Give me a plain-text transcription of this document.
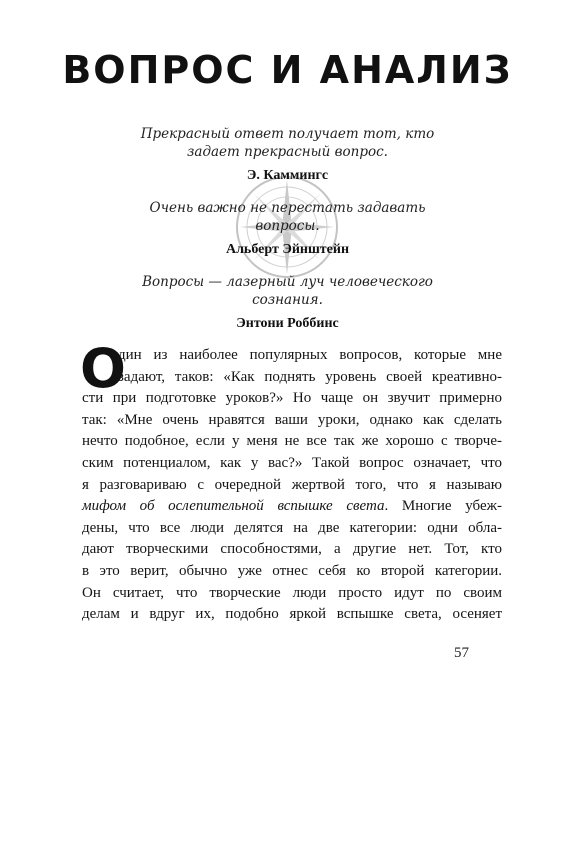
ВОПРОС И АНАЛИЗ
Прекрасный ответ получает тот, кто задает прекрасный вопрос.
Э. Каммингс
Очень важно не перестать задавать вопросы.
Альберт Эйнштейн
Вопросы — лазерный луч человеческого сознания.
Энтони Роббинс
О
дин из наиболее популярных вопросов, которые мне
задают, таков: «Как поднять уровень своей креативно-
сти при подготовке уроков?» Но чаще он звучит примерно
так: «Мне очень нравятся ваши уроки, однако как сделать
нечто подобное, если у меня не все так же хорошо с творче-
ским потенциалом, как у вас?» Такой вопрос означает, что
я разговариваю с очередной жертвой того, что я называю
мифом об ослепительной вспышке света. Многие убеж-
дены, что все люди делятся на две категории: одни обла-
дают творческими способностями, а другие нет. Тот, кто
в это верит, обычно уже отнес себя ко второй категории.
Он считает, что творческие люди просто идут по своим
делам и вдруг их, подобно яркой вспышке света, осеняет
57
